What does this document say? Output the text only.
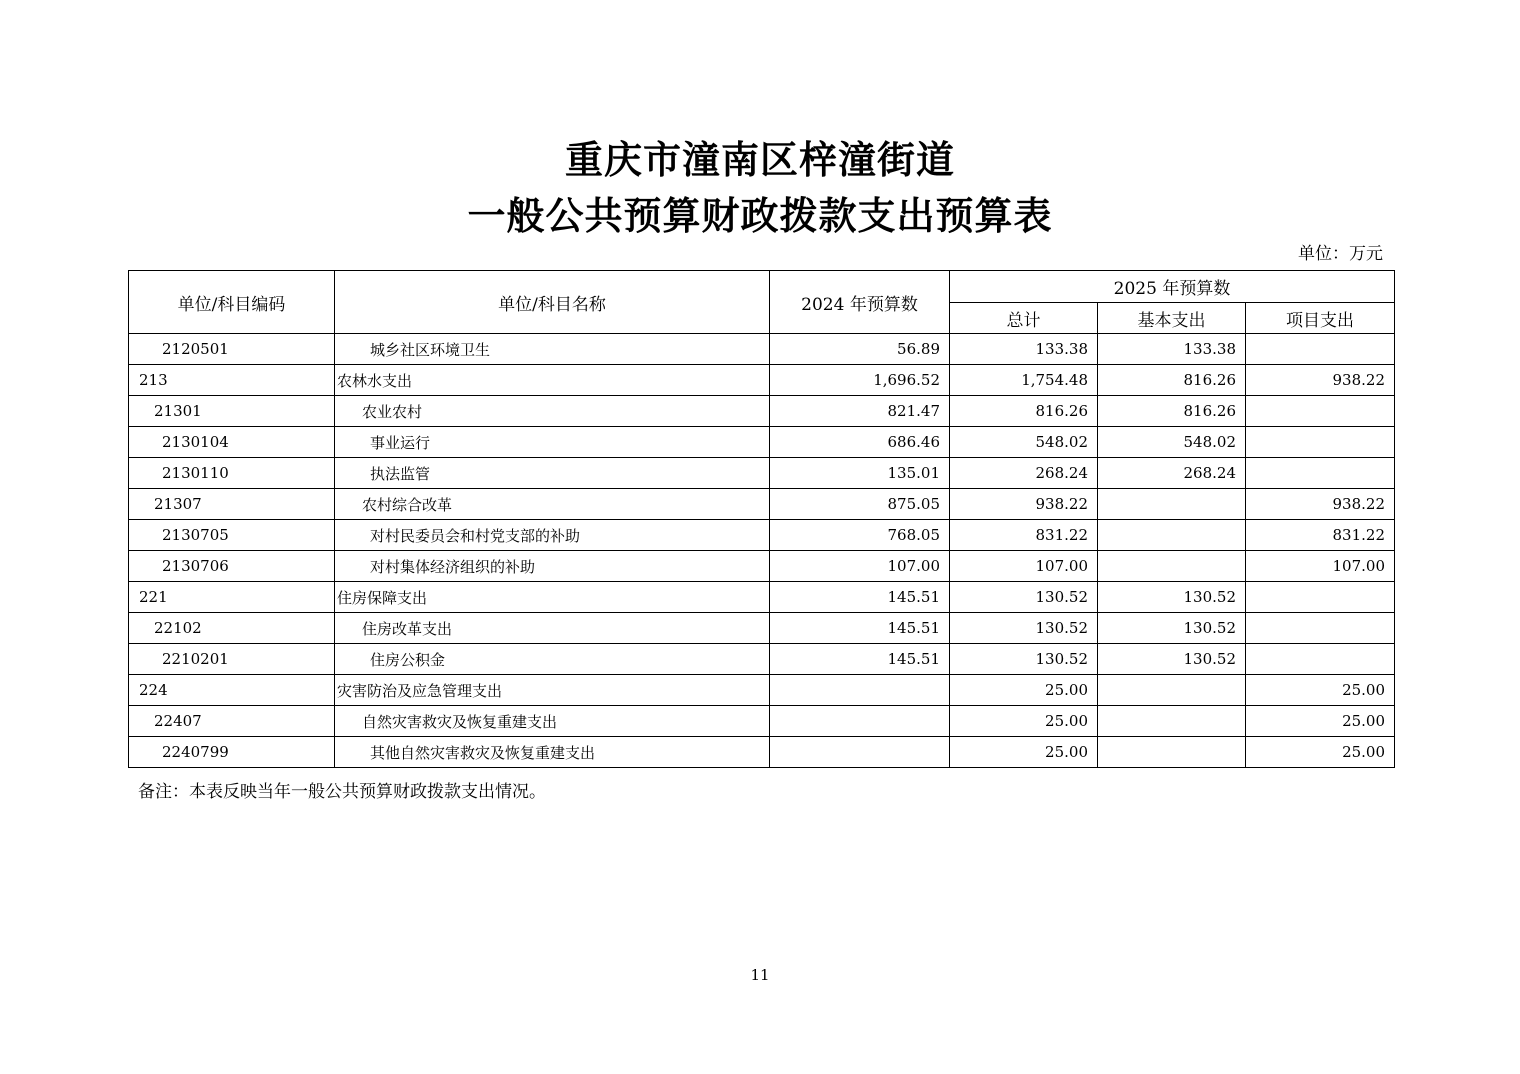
重庆市潼南区梓潼街道
一般公共预算财政拨款支出预算表
单位：万元
单位/科目编码	单位/科目名称	2024 年预算数	2025 年预算数		
			总计	基本支出	项目支出
2120501	城乡社区环境卫生	56.89	133.38	133.38	
213	农林水支出	1,696.52	1,754.48	816.26	938.22
21301	农业农村	821.47	816.26	816.26	
2130104	事业运行	686.46	548.02	548.02	
2130110	执法监管	135.01	268.24	268.24	
21307	农村综合改革	875.05	938.22		938.22
2130705	对村民委员会和村党支部的补助	768.05	831.22		831.22
2130706	对村集体经济组织的补助	107.00	107.00		107.00
221	住房保障支出	145.51	130.52	130.52	
22102	住房改革支出	145.51	130.52	130.52	
2210201	住房公积金	145.51	130.52	130.52	
224	灾害防治及应急管理支出		25.00		25.00
22407	自然灾害救灾及恢复重建支出		25.00		25.00
2240799	其他自然灾害救灾及恢复重建支出		25.00		25.00
备注：本表反映当年一般公共预算财政拨款支出情况。
11
